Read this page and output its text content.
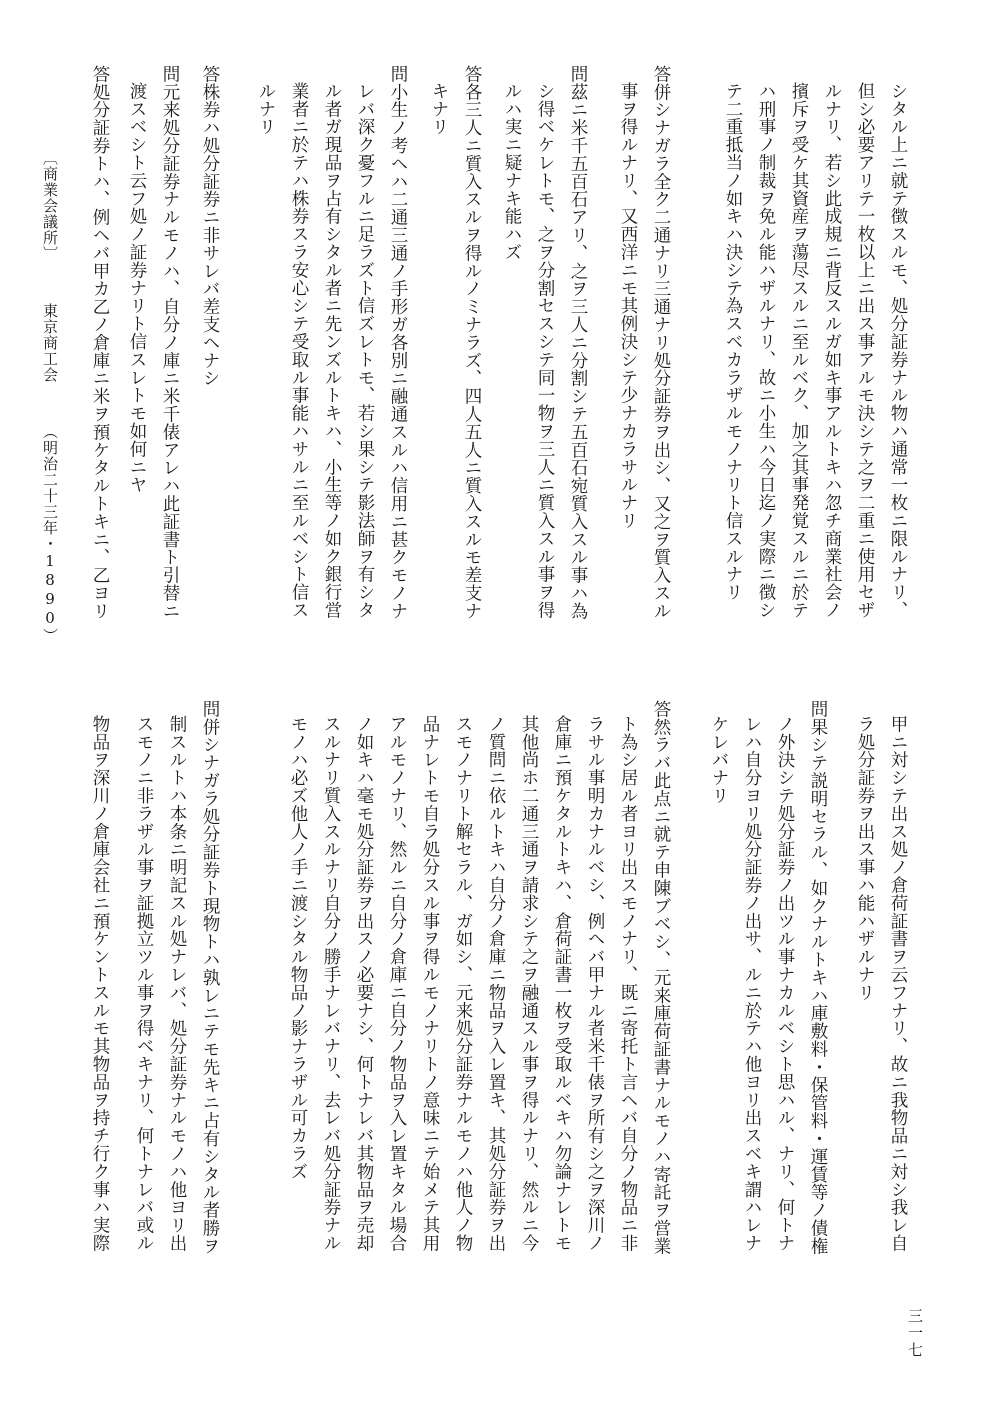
シタル上ニ就テ徴スルモ、処分証券ナル物ハ通常一枚ニ限ルナリ、

但シ必要アリテ一枚以上ニ出ス事アルモ決シテ之ヲ二重ニ使用セザ

ルナリ、若シ此成規ニ背反スルガ如キ事アルトキハ忽チ商業社会ノ

擯斥ヲ受ケ其資産ヲ蕩尽スルニ至ルベク、加之其事発覚スルニ於テ

ハ刑事ノ制裁ヲ免ル能ハザルナリ、故ニ小生ハ今日迄ノ実際ニ徴シ

テ二重抵当ノ如キハ決シテ為スベカラザルモノナリト信スルナリ

答併シナガラ全ク二通ナリ三通ナリ処分証券ヲ出シ、又之ヲ質入スル

事ヲ得ルナリ、又西洋ニモ其例決シテ少ナカラサルナリ

問茲ニ米千五百石アリ、之ヲ三人ニ分割シテ五百石宛質入スル事ハ為

シ得ベケレトモ、之ヲ分割セスシテ同一物ヲ三人ニ質入スル事ヲ得

ルハ実ニ疑ナキ能ハズ

答各三人ニ質入スルヲ得ルノミナラズ、四人五人ニ質入スルモ差支ナ

キナリ

問小生ノ考ヘハ二通三通ノ手形ガ各別ニ融通スルハ信用ニ甚クモノナ

レバ深ク憂フルニ足ラズト信ズレトモ、若シ果シテ影法師ヲ有シタ

ル者ガ現品ヲ占有シタル者ニ先ンズルトキハ、小生等ノ如ク銀行営

業者ニ於テハ株券スラ安心シテ受取ル事能ハサルニ至ルベシト信ス

ルナリ

答株券ハ処分証券ニ非サレバ差支ヘナシ

問元来処分証券ナルモノハ、自分ノ庫ニ米千俵アレハ此証書ト引替ニ

渡スベシト云フ処ノ証券ナリト信スレトモ如何ニヤ

答処分証券トハ、例ヘバ甲カ乙ノ倉庫ニ米ヲ預ケタルトキニ、乙ヨリ

甲ニ対シテ出ス処ノ倉荷証書ヲ云フナリ、故ニ我物品ニ対シ我レ自

ラ処分証券ヲ出ス事ハ能ハザルナリ

問果シテ説明セラル、如クナルトキハ庫敷料・保管料・運賃等ノ債権

ノ外決シテ処分証券ノ出ツル事ナカルベシト思ハル、ナリ、何トナ

レハ自分ヨリ処分証券ノ出サ、ルニ於テハ他ヨリ出スベキ謂ハレナ

ケレバナリ

答然ラバ此点ニ就テ申陳ブベシ、元来庫荷証書ナルモノハ寄託ヲ営業

ト為シ居ル者ヨリ出スモノナリ、既ニ寄托ト言ヘバ自分ノ物品ニ非

ラサル事明カナルベシ、例ヘバ甲ナル者米千俵ヲ所有シ之ヲ深川ノ

倉庫ニ預ケタルトキハ、倉荷証書一枚ヲ受取ルベキハ勿論ナレトモ

其他尚ホ二通三通ヲ請求シテ之ヲ融通スル事ヲ得ルナリ、然ルニ今

ノ質問ニ依ルトキハ自分ノ倉庫ニ物品ヲ入レ置キ、其処分証券ヲ出

スモノナリト解セラル、ガ如シ、元来処分証券ナルモノハ他人ノ物

品ナレトモ自ラ処分スル事ヲ得ルモノナリトノ意味ニテ始メテ其用

アルモノナリ、然ルニ自分ノ倉庫ニ自分ノ物品ヲ入レ置キタル場合

ノ如キハ毫モ処分証券ヲ出スノ必要ナシ、何トナレバ其物品ヲ売却

スルナリ質入スルナリ自分ノ勝手ナレバナリ、去レバ処分証券ナル

モノハ必ズ他人ノ手ニ渡シタル物品ノ影ナラザル可カラズ

問併シナガラ処分証券ト現物トハ孰レニテモ先キニ占有シタル者勝ヲ

制スルトハ本条ニ明記スル処ナレバ、処分証券ナルモノハ他ヨリ出

スモノニ非ラザル事ヲ証拠立ツル事ヲ得ベキナリ、何トナレバ或ル

物品ヲ深川ノ倉庫会社ニ預ケントスルモ其物品ヲ持チ行ク事ハ実際

〔商業会議所〕 東京商工会 （明治二十三年・1890）
三一七
